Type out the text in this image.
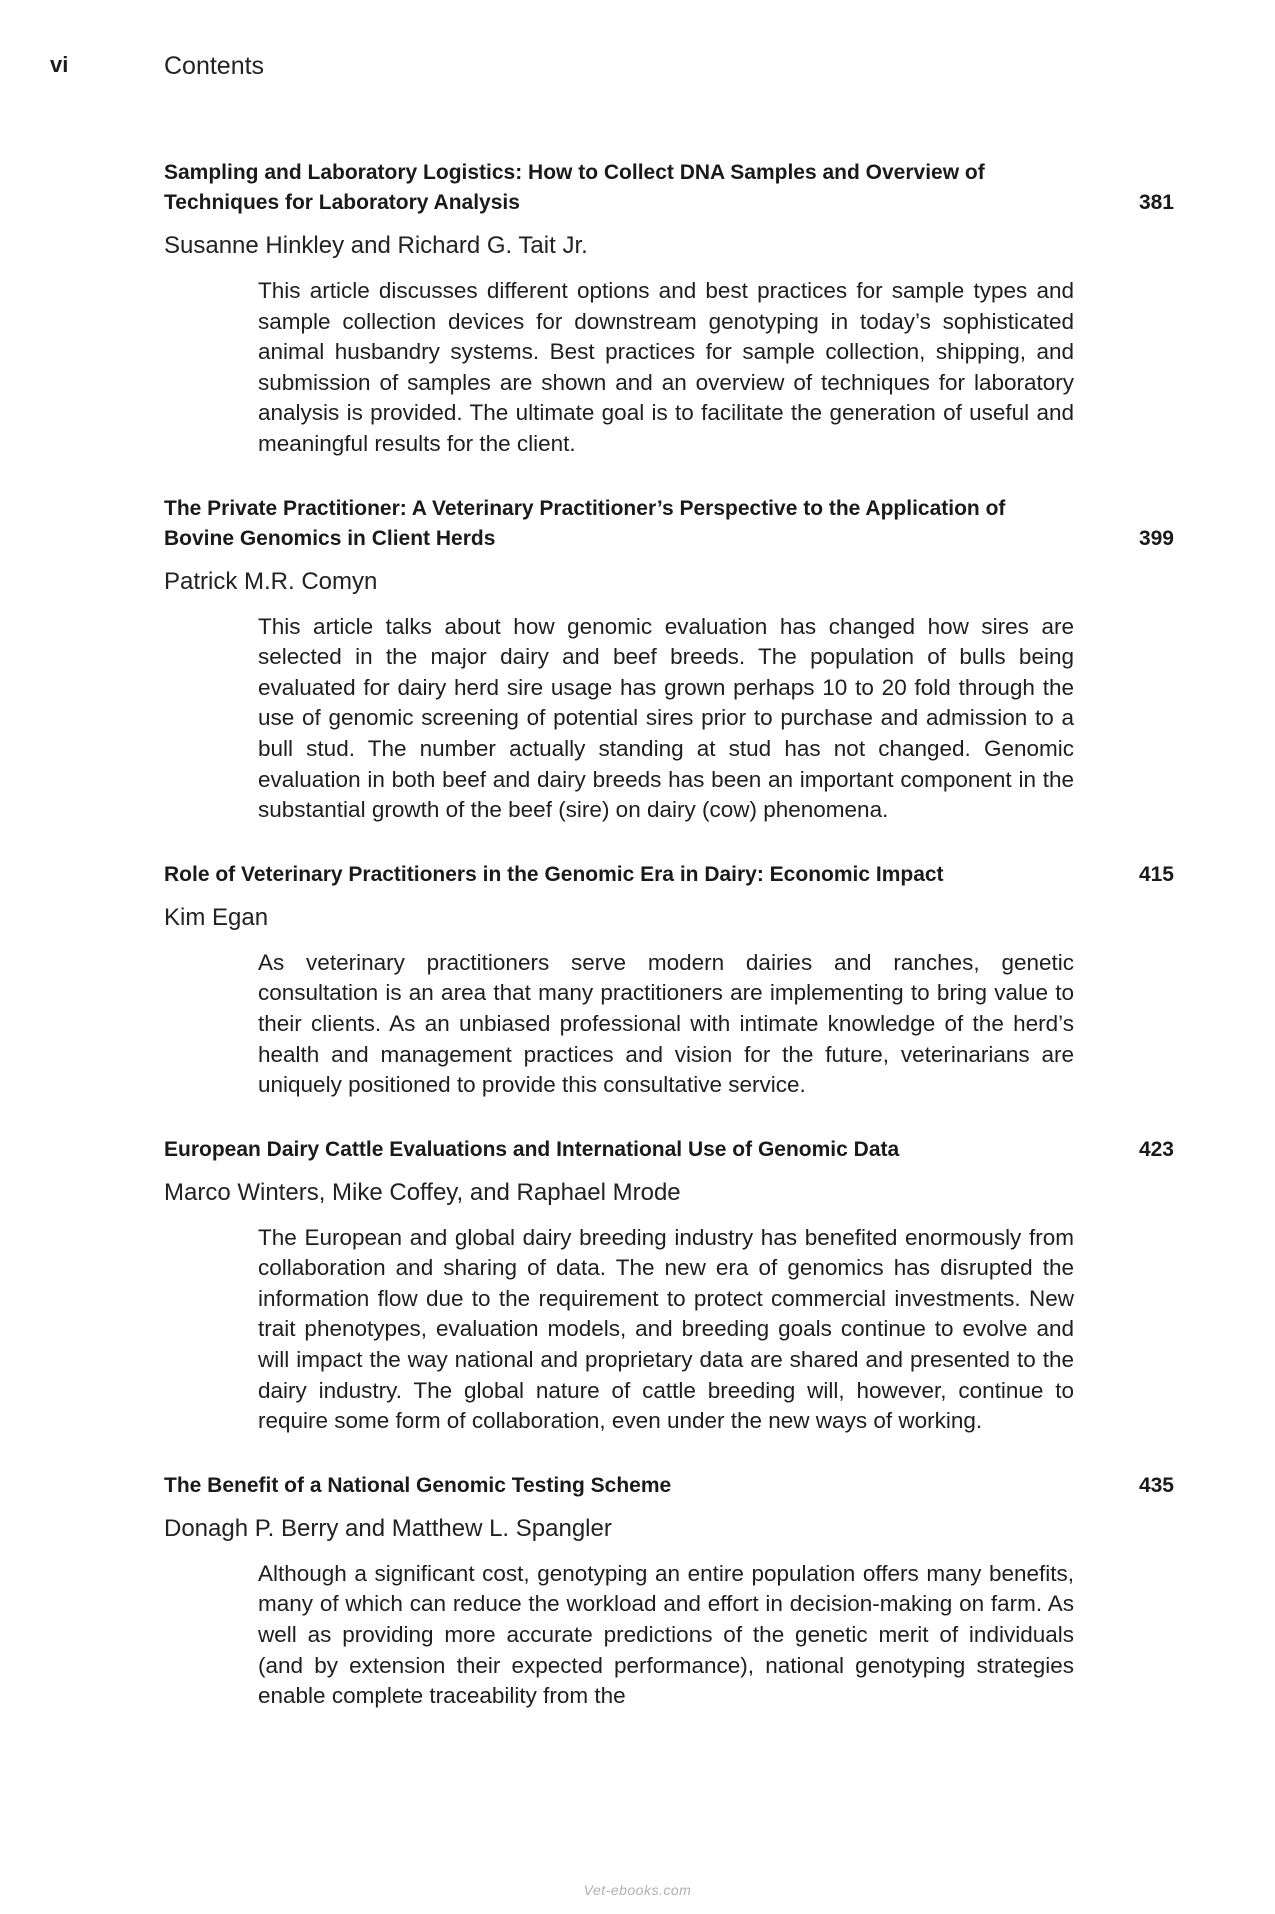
vi	Contents
Sampling and Laboratory Logistics: How to Collect DNA Samples and Overview of Techniques for Laboratory Analysis	381
Susanne Hinkley and Richard G. Tait Jr.
This article discusses different options and best practices for sample types and sample collection devices for downstream genotyping in today’s sophisticated animal husbandry systems. Best practices for sample collection, shipping, and submission of samples are shown and an overview of techniques for laboratory analysis is provided. The ultimate goal is to facilitate the generation of useful and meaningful results for the client.
The Private Practitioner: A Veterinary Practitioner’s Perspective to the Application of Bovine Genomics in Client Herds	399
Patrick M.R. Comyn
This article talks about how genomic evaluation has changed how sires are selected in the major dairy and beef breeds. The population of bulls being evaluated for dairy herd sire usage has grown perhaps 10 to 20 fold through the use of genomic screening of potential sires prior to purchase and admission to a bull stud. The number actually standing at stud has not changed. Genomic evaluation in both beef and dairy breeds has been an important component in the substantial growth of the beef (sire) on dairy (cow) phenomena.
Role of Veterinary Practitioners in the Genomic Era in Dairy: Economic Impact	415
Kim Egan
As veterinary practitioners serve modern dairies and ranches, genetic consultation is an area that many practitioners are implementing to bring value to their clients. As an unbiased professional with intimate knowledge of the herd’s health and management practices and vision for the future, veterinarians are uniquely positioned to provide this consultative service.
European Dairy Cattle Evaluations and International Use of Genomic Data	423
Marco Winters, Mike Coffey, and Raphael Mrode
The European and global dairy breeding industry has benefited enormously from collaboration and sharing of data. The new era of genomics has disrupted the information flow due to the requirement to protect commercial investments. New trait phenotypes, evaluation models, and breeding goals continue to evolve and will impact the way national and proprietary data are shared and presented to the dairy industry. The global nature of cattle breeding will, however, continue to require some form of collaboration, even under the new ways of working.
The Benefit of a National Genomic Testing Scheme	435
Donagh P. Berry and Matthew L. Spangler
Although a significant cost, genotyping an entire population offers many benefits, many of which can reduce the workload and effort in decision-making on farm. As well as providing more accurate predictions of the genetic merit of individuals (and by extension their expected performance), national genotyping strategies enable complete traceability from the
Vet-ebooks.com
